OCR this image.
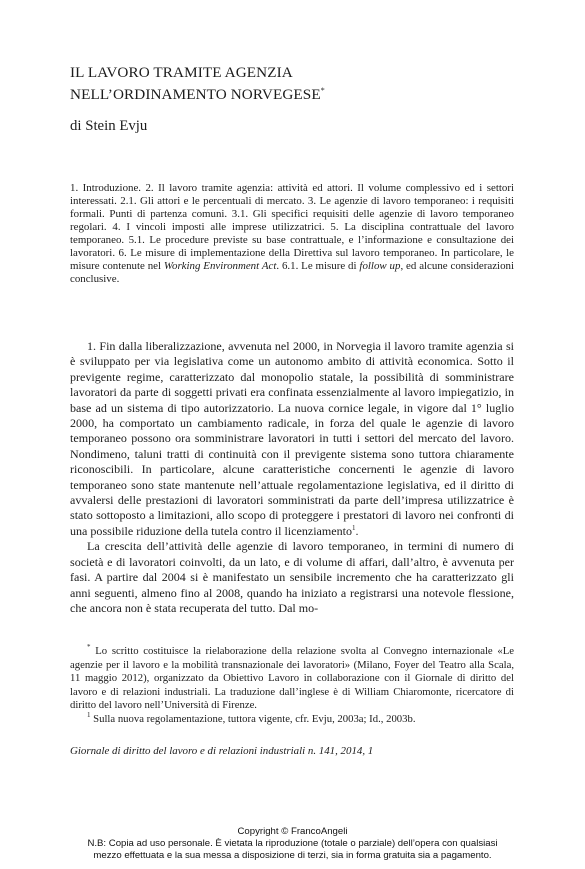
IL LAVORO TRAMITE AGENZIA
NELL’ORDINAMENTO NORVEGESE*
di Stein Evju
1. Introduzione. 2. Il lavoro tramite agenzia: attività ed attori. Il volume complessivo ed i settori interessati. 2.1. Gli attori e le percentuali di mercato. 3. Le agenzie di lavoro temporaneo: i requisiti formali. Punti di partenza comuni. 3.1. Gli specifici requisiti delle agenzie di lavoro temporaneo regolari. 4. I vincoli imposti alle imprese utilizzatrici. 5. La disciplina contrattuale del lavoro temporaneo. 5.1. Le procedure previste su base contrattuale, e l’informazione e consultazione dei lavoratori. 6. Le misure di implementazione della Direttiva sul lavoro temporaneo. In particolare, le misure contenute nel Working Environment Act. 6.1. Le misure di follow up, ed alcune considerazioni conclusive.

1. Fin dalla liberalizzazione, avvenuta nel 2000, in Norvegia il lavoro tramite agenzia si è sviluppato per via legislativa come un autonomo ambito di attività economica. Sotto il previgente regime, caratterizzato dal monopolio statale, la possibilità di somministrare lavoratori da parte di soggetti privati era confinata essenzialmente al lavoro impiegatizio, in base ad un sistema di tipo autorizzatorio. La nuova cornice legale, in vigore dal 1° luglio 2000, ha comportato un cambiamento radicale, in forza del quale le agenzie di lavoro temporaneo possono ora somministrare lavoratori in tutti i settori del mercato del lavoro. Nondimeno, taluni tratti di continuità con il previgente sistema sono tuttora chiaramente riconoscibili. In particolare, alcune caratteristiche concernenti le agenzie di lavoro temporaneo sono state mantenute nell’attuale regolamentazione legislativa, ed il diritto di avvalersi delle prestazioni di lavoratori somministrati da parte dell’impresa utilizzatrice è stato sottoposto a limitazioni, allo scopo di proteggere i prestatori di lavoro nei confronti di una possibile riduzione della tutela contro il licenziamento$^1$.

La crescita dell’attività delle agenzie di lavoro temporaneo, in termini di numero di società e di lavoratori coinvolti, da un lato, e di volume di affari, dall’altro, è avvenuta per fasi. A partire dal 2004 si è manifestato un sensibile incremento che ha caratterizzato gli anni seguenti, almeno fino al 2008, quando ha iniziato a registrarsi una notevole flessione, che ancora non è stata recuperata del tutto. Dal mo-

* Lo scritto costituisce la rielaborazione della relazione svolta al Convegno internazionale «Le agenzie per il lavoro e la mobilità transnazionale dei lavoratori» (Milano, Foyer del Teatro alla Scala, 11 maggio 2012), organizzato da Obiettivo Lavoro in collaborazione con il Giornale di diritto del lavoro e di relazioni industriali. La traduzione dall’inglese è di William Chiaromonte, ricercatore di diritto del lavoro nell’Università di Firenze.

$^1$ Sulla nuova regolamentazione, tuttora vigente, cfr. Evju, 2003a; Id., 2003b.

Giornale di diritto del lavoro e di relazioni industriali n. 141, 2014, 1
Copyright © FrancoAngeli
N.B: Copia ad uso personale. È vietata la riproduzione (totale o parziale) dell’opera con qualsiasi
mezzo effettuata e la sua messa a disposizione di terzi, sia in forma gratuita sia a pagamento.
